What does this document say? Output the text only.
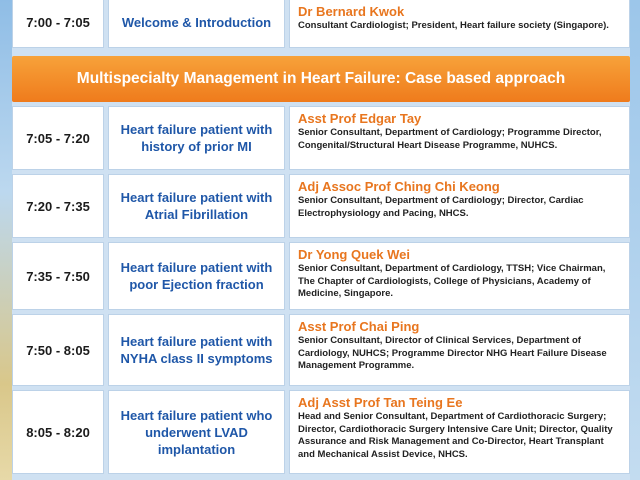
7:00 - 7:05	Welcome & Introduction
Dr Bernard Kwok
Consultant Cardiologist; President, Heart failure society (Singapore).
Multispecialty Management in Heart Failure: Case based approach
7:05 - 7:20
Heart failure patient with history of prior MI
Asst Prof Edgar Tay
Senior Consultant, Department of Cardiology; Programme Director, Congenital/Structural Heart Disease Programme, NUHCS.
7:20 - 7:35
Heart failure patient with Atrial Fibrillation
Adj Assoc Prof Ching Chi Keong
Senior Consultant, Department of Cardiology; Director, Cardiac Electrophysiology and Pacing, NHCS.
7:35 - 7:50
Heart failure patient with poor Ejection fraction
Dr Yong Quek Wei
Senior Consultant, Department of Cardiology, TTSH; Vice Chairman, The Chapter of Cardiologists, College of Physicians, Academy of Medicine, Singapore.
7:50 - 8:05
Heart failure patient with NYHA class II symptoms
Asst Prof Chai Ping
Senior Consultant, Director of Clinical Services, Department of Cardiology, NUHCS; Programme Director NHG Heart Failure Disease Management Programme.
8:05 - 8:20
Heart failure patient who underwent LVAD implantation
Adj Asst Prof Tan Teing Ee
Head and Senior Consultant, Department of Cardiothoracic Surgery; Director, Cardiothoracic Surgery Intensive Care Unit; Director, Quality Assurance and Risk Management and Co-Director, Heart Transplant and Mechanical Assist Device, NHCS.
